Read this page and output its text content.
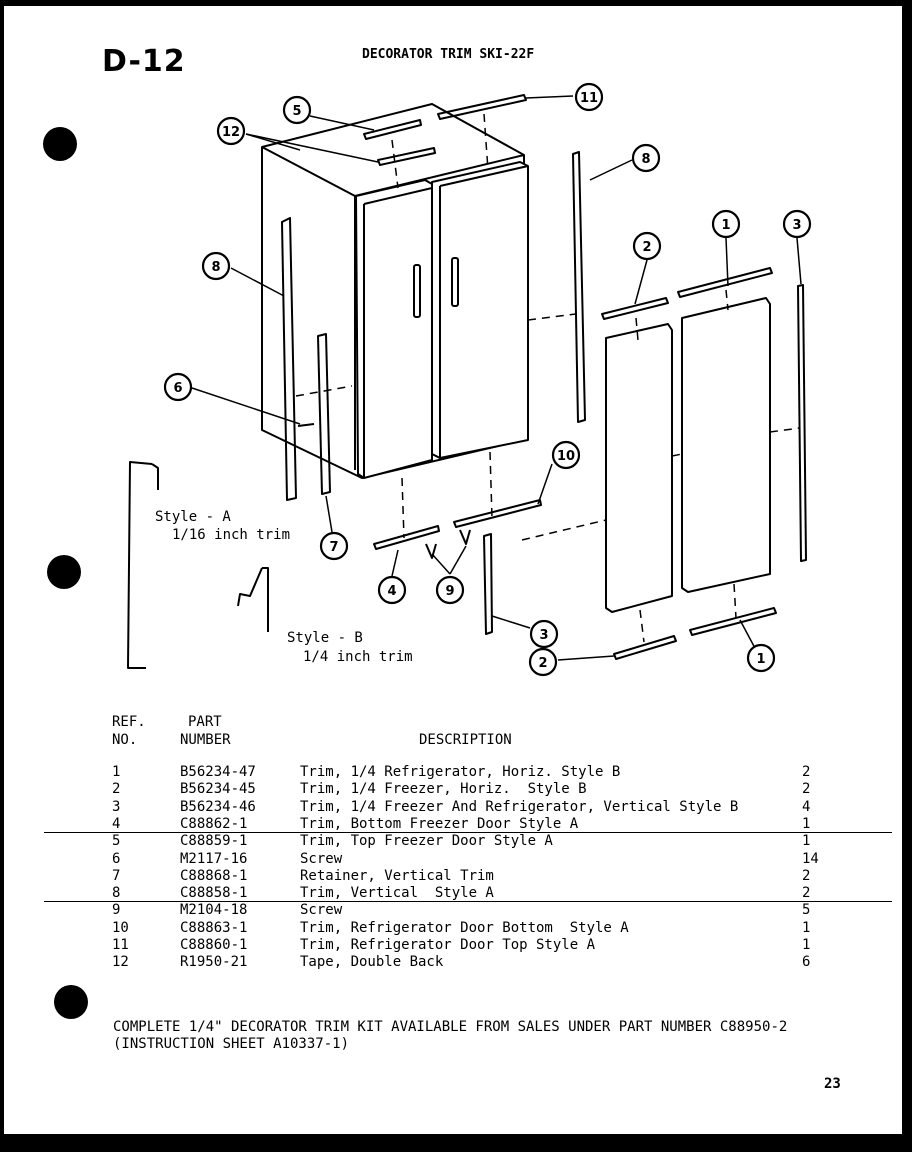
D-12	DECORATOR TRIM SKI-22F
5
11
12
8
8
2
1	3
6
7
10
4	9
3
2	1
Style - A
1/16 inch trim
Style - B
1/4 inch trim
REF.
NO.
PART
NUMBER	DESCRIPTION
1	B56234-47	Trim, 1/4 Refrigerator, Horiz. Style B	2
2	B56234-45	Trim, 1/4 Freezer, Horiz.  Style B	2
3	B56234-46	Trim, 1/4 Freezer And Refrigerator, Vertical Style B	4
4	C88862-1	Trim, Bottom Freezer Door Style A	1
5	C88859-1	Trim, Top Freezer Door Style A	1
6	M2117-16	Screw	14
7	C88868-1	Retainer, Vertical Trim	2
8	C88858-1	Trim, Vertical  Style A	2
9	M2104-18	Screw	5
10	C88863-1	Trim, Refrigerator Door Bottom  Style A	1
11	C88860-1	Trim, Refrigerator Door Top Style A	1
12	R1950-21	Tape, Double Back	6
COMPLETE 1/4" DECORATOR TRIM KIT AVAILABLE FROM SALES UNDER PART NUMBER C88950-2
(INSTRUCTION SHEET A10337-1)
23
